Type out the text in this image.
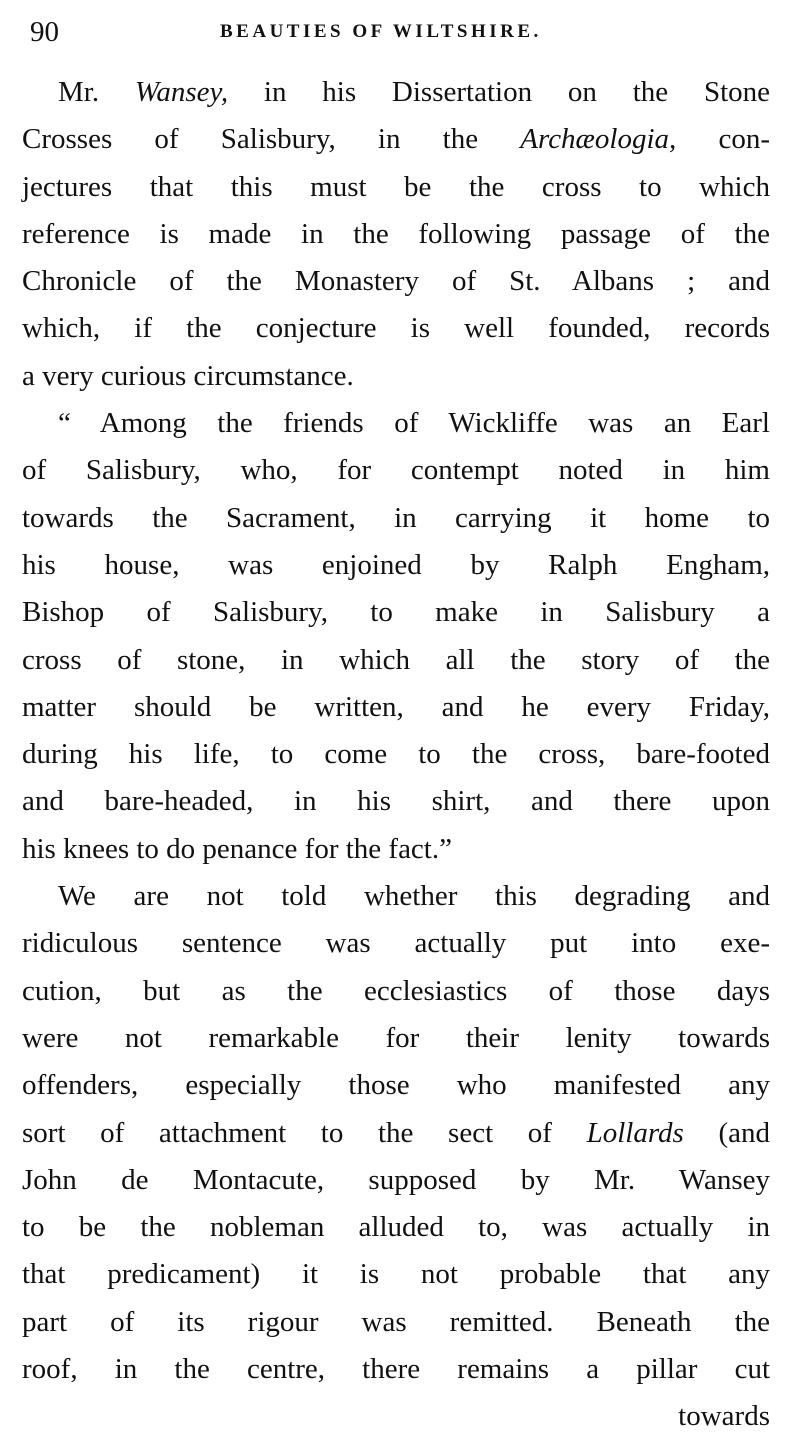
90	BEAUTIES OF WILTSHIRE.
Mr. Wansey, in his Dissertation on the Stone
Crosses of Salisbury, in the Archæologia, con-
jectures that this must be the cross to which
reference is made in the following passage of the
Chronicle of the Monastery of St. Albans ; and
which, if the conjecture is well founded, records
a very curious circumstance.
“ Among the friends of Wickliffe was an Earl
of Salisbury, who, for contempt noted in him
towards the Sacrament, in carrying it home to
his house, was enjoined by Ralph Engham,
Bishop of Salisbury, to make in Salisbury a
cross of stone, in which all the story of the
matter should be written, and he every Friday,
during his life, to come to the cross, bare-footed
and bare-headed, in his shirt, and there upon
his knees to do penance for the fact.”
We are not told whether this degrading and
ridiculous sentence was actually put into exe-
cution, but as the ecclesiastics of those days
were not remarkable for their lenity towards
offenders, especially those who manifested any
sort of attachment to the sect of Lollards (and
John de Montacute, supposed by Mr. Wansey
to be the nobleman alluded to, was actually in
that predicament) it is not probable that any
part of its rigour was remitted. Beneath the
roof, in the centre, there remains a pillar cut
towards
